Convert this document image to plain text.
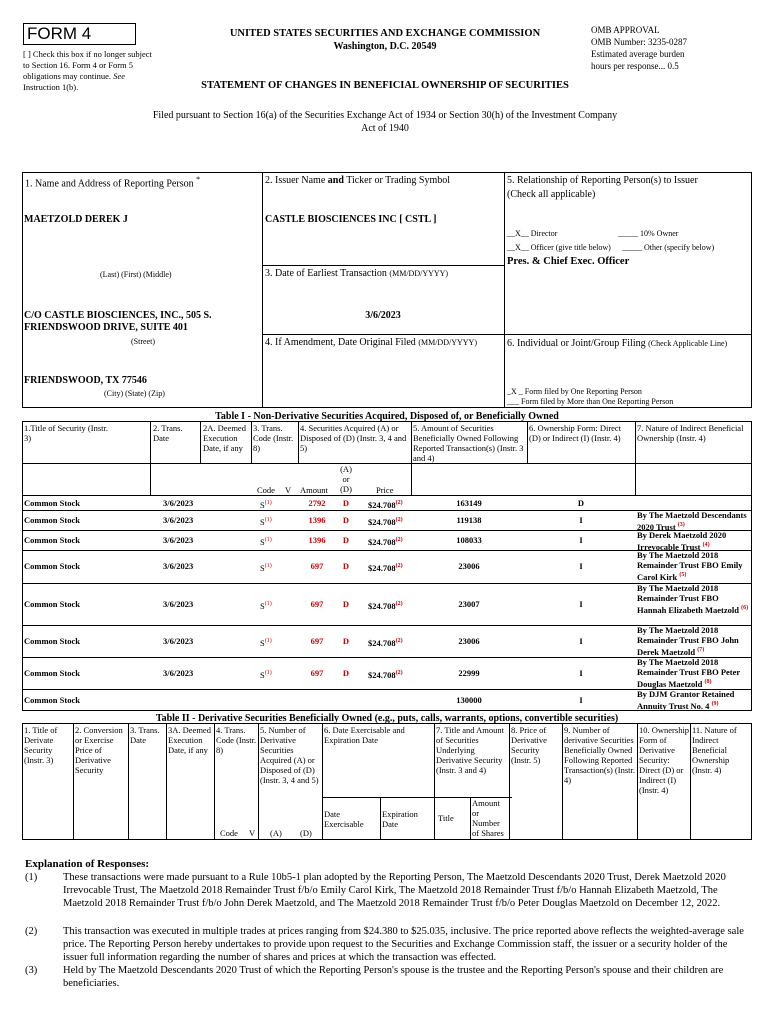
FORM 4
[ ] Check this box if no longer subject to Section 16. Form 4 or Form 5 obligations may continue. See Instruction 1(b).
UNITED STATES SECURITIES AND EXCHANGE COMMISSION
Washington, D.C. 20549
STATEMENT OF CHANGES IN BENEFICIAL OWNERSHIP OF SECURITIES
OMB APPROVAL
OMB Number: 3235-0287
Estimated average burden
hours per response... 0.5
Filed pursuant to Section 16(a) of the Securities Exchange Act of 1934 or Section 30(h) of the Investment Company Act of 1940
1. Name and Address of Reporting Person *
MAETZOLD DEREK J
(Last) (First) (Middle)
C/O CASTLE BIOSCIENCES, INC., 505 S. FRIENDSWOOD DRIVE, SUITE 401
(Street)
FRIENDSWOOD, TX 77546
(City) (State) (Zip)
2. Issuer Name and Ticker or Trading Symbol
CASTLE BIOSCIENCES INC [ CSTL ]
3. Date of Earliest Transaction (MM/DD/YYYY)
3/6/2023
4. If Amendment, Date Original Filed (MM/DD/YYYY)
5. Relationship of Reporting Person(s) to Issuer
(Check all applicable)
__X__ Director	_____ 10% Owner
__X__ Officer (give title below) _____ Other (specify below)
Pres. & Chief Exec. Officer
6. Individual or Joint/Group Filing (Check Applicable Line)
_X _ Form filed by One Reporting Person
___ Form filed by More than One Reporting Person
Table I - Non-Derivative Securities Acquired, Disposed of, or Beneficially Owned
1.Title of Security (Instr. 3)
2. Trans. Date
2A. Deemed Execution Date, if any
3. Trans. Code (Instr. 8)
4. Securities Acquired (A) or Disposed of (D) (Instr. 3, 4 and 5)
5. Amount of Securities Beneficially Owned Following Reported Transaction(s) (Instr. 3 and 4)
6. Ownership Form: Direct (D) or Indirect (I) (Instr. 4)
7. Nature of Indirect Beneficial Ownership (Instr. 4)
Code V Amount
(A) or (D)	Price
Common Stock	3/6/2023	$S^{(1)}$	2792	D	$24.708$^{(2)}$	163149	D
Common Stock	3/6/2023	$S^{(1)}$	1396	D	$24.708$^{(2)}$	119138	I	By The Maetzold Descendants 2020 Trust $^{(3)}$
Common Stock	3/6/2023	$S^{(1)}$	1396	D	$24.708$^{(2)}$	108033	I	By Derek Maetzold 2020 Irrevocable Trust $^{(4)}$
Common Stock	3/6/2023	$S^{(1)}$	697	D	$24.708$^{(2)}$	23006	I
By The Maetzold 2018 Remainder Trust FBO Emily Carol Kirk $^{(5)}$
Common Stock	3/6/2023	$S^{(1)}$	697	D	$24.708$^{(2)}$	23007	I
By The Maetzold 2018 Remainder Trust FBO Hannah Elizabeth Maetzold $^{(6)}$
Common Stock	3/6/2023	$S^{(1)}$	697	D	$24.708$^{(2)}$	23006	I
By The Maetzold 2018 Remainder Trust FBO John Derek Maetzold $^{(7)}$
Common Stock	3/6/2023	$S^{(1)}$	697	D	$24.708$^{(2)}$	22999	I
By The Maetzold 2018 Remainder Trust FBO Peter Douglas Maetzold $^{(8)}$
Common Stock	130000	I
By DJM Grantor Retained Annuity Trust No. 4 $^{(9)}$
Table II - Derivative Securities Beneficially Owned (e.g., puts, calls, warrants, options, convertible securities)
1. Title of Derivate Security (Instr. 3)
2. Conversion or Exercise Price of Derivative Security
3. Trans. Date
3A. Deemed Execution Date, if any
4. Trans. Code (Instr. 8)
5. Number of Derivative Securities Acquired (A) or Disposed of (D) (Instr. 3, 4 and 5)
6. Date Exercisable and Expiration Date
7. Title and Amount of Securities Underlying Derivative Security (Instr. 3 and 4)
8. Price of Derivative Security (Instr. 5)
9. Number of derivative Securities Beneficially Owned Following Reported Transaction(s) (Instr. 4)
10. Ownership Form of Derivative Security: Direct (D) or Indirect (I) (Instr. 4)
11. Nature of Indirect Beneficial Ownership (Instr. 4)
Code V (A) (D)
Date Exercisable
Expiration Date
Title
Amount or Number of Shares
Explanation of Responses:
(1) These transactions were made pursuant to a Rule 10b5-1 plan adopted by the Reporting Person, The Maetzold Descendants 2020 Trust, Derek Maetzold 2020 Irrevocable Trust, The Maetzold 2018 Remainder Trust f/b/o Emily Carol Kirk, The Maetzold 2018 Remainder Trust f/b/o Hannah Elizabeth Maetzold, The Maetzold 2018 Remainder Trust f/b/o John Derek Maetzold, and The Maetzold 2018 Remainder Trust f/b/o Peter Douglas Maetzold on December 12, 2022.
(2) This transaction was executed in multiple trades at prices ranging from $24.380 to $25.035, inclusive. The price reported above reflects the weighted-average sale price. The Reporting Person hereby undertakes to provide upon request to the Securities and Exchange Commission staff, the issuer or a security holder of the issuer full information regarding the number of shares and prices at which the transaction was effected.
(3) Held by The Maetzold Descendants 2020 Trust of which the Reporting Person's spouse is the trustee and the Reporting Person's spouse and their children are beneficiaries.
